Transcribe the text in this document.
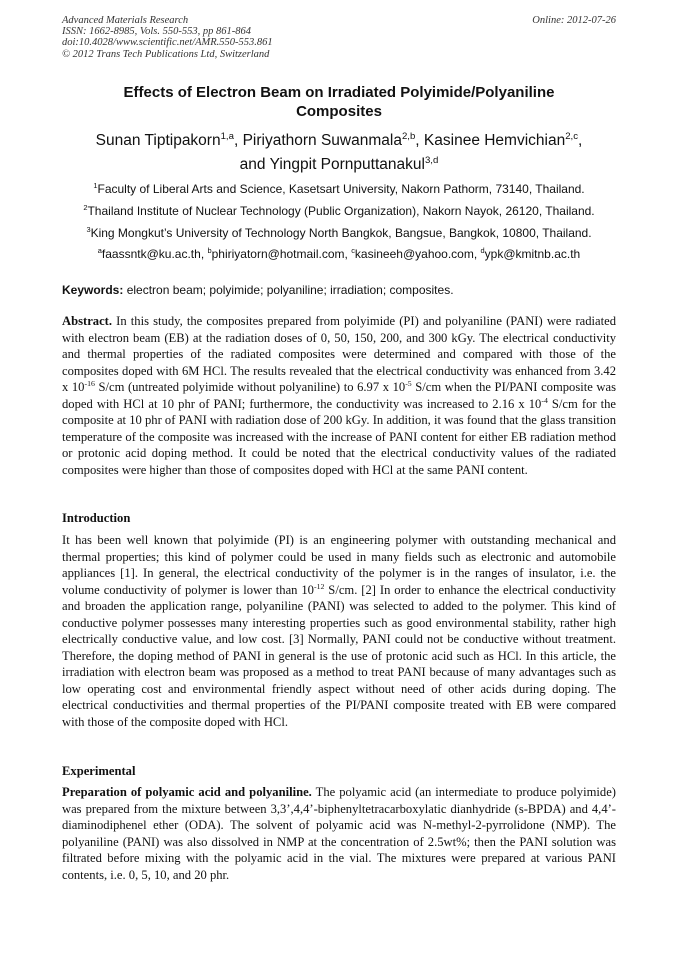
Advanced Materials Research
ISSN: 1662-8985, Vols. 550-553, pp 861-864
doi:10.4028/www.scientific.net/AMR.550-553.861
© 2012 Trans Tech Publications Ltd, Switzerland
Online: 2012-07-26
Effects of Electron Beam on Irradiated Polyimide/Polyaniline
Composites
Sunan Tiptipakorn$^{1,a}$, Piriyathorn Suwanmala$^{2,b}$, Kasinee Hemvichian$^{2,c}$,
and Yingpit Pornputtanakul$^{3,d}$
$^1$Faculty of Liberal Arts and Science, Kasetsart University, Nakorn Pathorm, 73140, Thailand.
$^2$Thailand Institute of Nuclear Technology (Public Organization), Nakorn Nayok, 26120, Thailand.
$^3$King Mongkut’s University of Technology North Bangkok, Bangsue, Bangkok, 10800, Thailand.
$^a$faassntk@ku.ac.th, $^b$phiriyatorn@hotmail.com, $^c$kasineeh@yahoo.com, $^d$ypk@kmitnb.ac.th
Keywords: electron beam; polyimide; polyaniline; irradiation; composites.
Abstract. In this study, the composites prepared from polyimide (PI) and polyaniline (PANI) were radiated with electron beam (EB) at the radiation doses of 0, 50, 150, 200, and 300 kGy. The electrical conductivity and thermal properties of the radiated composites were determined and compared with those of the composites doped with 6M HCl. The results revealed that the electrical conductivity was enhanced from 3.42 x $10^{-16}$ S/cm (untreated polyimide without polyaniline) to 6.97 x $10^{-5}$ S/cm when the PI/PANI composite was doped with HCl at 10 phr of PANI; furthermore, the conductivity was increased to 2.16 x $10^{-4}$ S/cm for the composite at 10 phr of PANI with radiation dose of 200 kGy. In addition, it was found that the glass transition temperature of the composite was increased with the increase of PANI content for either EB radiation method or protonic acid doping method. It could be noted that the electrical conductivity values of the radiated composites were higher than those of composites doped with HCl at the same PANI content.
Introduction
It has been well known that polyimide (PI) is an engineering polymer with outstanding mechanical and thermal properties; this kind of polymer could be used in many fields such as electronic and automobile appliances [1]. In general, the electrical conductivity of the polymer is in the ranges of insulator, i.e. the volume conductivity of polymer is lower than $10^{-12}$ S/cm. [2] In order to enhance the electrical conductivity and broaden the application range, polyaniline (PANI) was selected to added to the polymer. This kind of conductive polymer possesses many interesting properties such as good environmental stability, rather high electrically conductive value, and low cost. [3] Normally, PANI could not be conductive without treatment. Therefore, the doping method of PANI in general is the use of protonic acid such as HCl. In this article, the irradiation with electron beam was proposed as a method to treat PANI because of many advantages such as low operating cost and environmental friendly aspect without need of other acids during doping. The electrical conductivities and thermal properties of the PI/PANI composite treated with EB were compared with those of the composite doped with HCl.
Experimental
Preparation of polyamic acid and polyaniline. The polyamic acid (an intermediate to produce polyimide) was prepared from the mixture between 3,3’,4,4’-biphenyltetracarboxylatic dianhydride (s-BPDA) and 4,4’-diaminodiphenel ether (ODA). The solvent of polyamic acid was N-methyl-2-pyrrolidone (NMP). The polyaniline (PANI) was also dissolved in NMP at the concentration of 2.5wt%; then the PANI solution was filtrated before mixing with the polyamic acid in the vial. The mixtures were prepared at various PANI contents, i.e. 0, 5, 10, and 20 phr.
